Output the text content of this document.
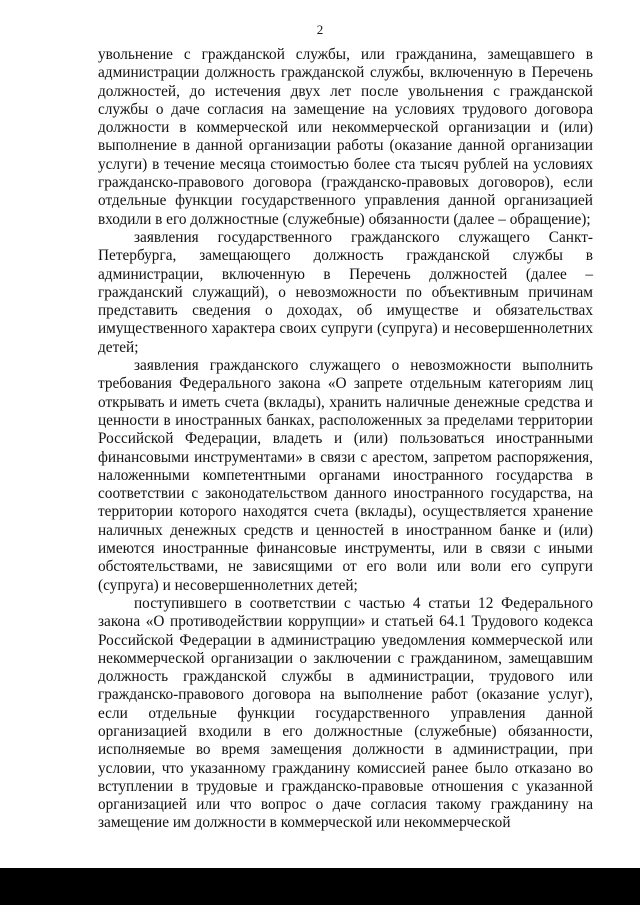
2

увольнение с гражданской службы, или гражданина, замещавшего в администрации должность гражданской службы, включенную в Перечень должностей, до истечения двух лет после увольнения с гражданской службы о даче согласия на замещение на условиях трудового договора должности в коммерческой или некоммерческой организации и (или) выполнение в данной организации работы (оказание данной организации услуги) в течение месяца стоимостью более ста тысяч рублей на условиях гражданско-правового договора (гражданско-правовых договоров), если отдельные функции государственного управления данной организацией входили в его должностные (служебные) обязанности (далее – обращение);

заявления государственного гражданского служащего Санкт-Петербурга, замещающего должность гражданской службы в администрации, включенную в Перечень должностей (далее – гражданский служащий), о невозможности по объективным причинам представить сведения о доходах, об имуществе и обязательствах имущественного характера своих супруги (супруга) и несовершеннолетних детей;

заявления гражданского служащего о невозможности выполнить требования Федерального закона «О запрете отдельным категориям лиц открывать и иметь счета (вклады), хранить наличные денежные средства и ценности в иностранных банках, расположенных за пределами территории Российской Федерации, владеть и (или) пользоваться иностранными финансовыми инструментами» в связи с арестом, запретом распоряжения, наложенными компетентными органами иностранного государства в соответствии с законодательством данного иностранного государства, на территории которого находятся счета (вклады), осуществляется хранение наличных денежных средств и ценностей в иностранном банке и (или) имеются иностранные финансовые инструменты, или в связи с иными обстоятельствами, не зависящими от его воли или воли его супруги (супруга) и несовершеннолетних детей;

поступившего в соответствии с частью 4 статьи 12 Федерального закона «О противодействии коррупции» и статьей 64.1 Трудового кодекса Российской Федерации в администрацию уведомления коммерческой или некоммерческой организации о заключении с гражданином, замещавшим должность гражданской службы в администрации, трудового или гражданско-правового договора на выполнение работ (оказание услуг), если отдельные функции государственного управления данной организацией входили в его должностные (служебные) обязанности, исполняемые во время замещения должности в администрации, при условии, что указанному гражданину комиссией ранее было отказано во вступлении в трудовые и гражданско-правовые отношения с указанной организацией или что вопрос о даче согласия такому гражданину на замещение им должности в коммерческой или некоммерческой
